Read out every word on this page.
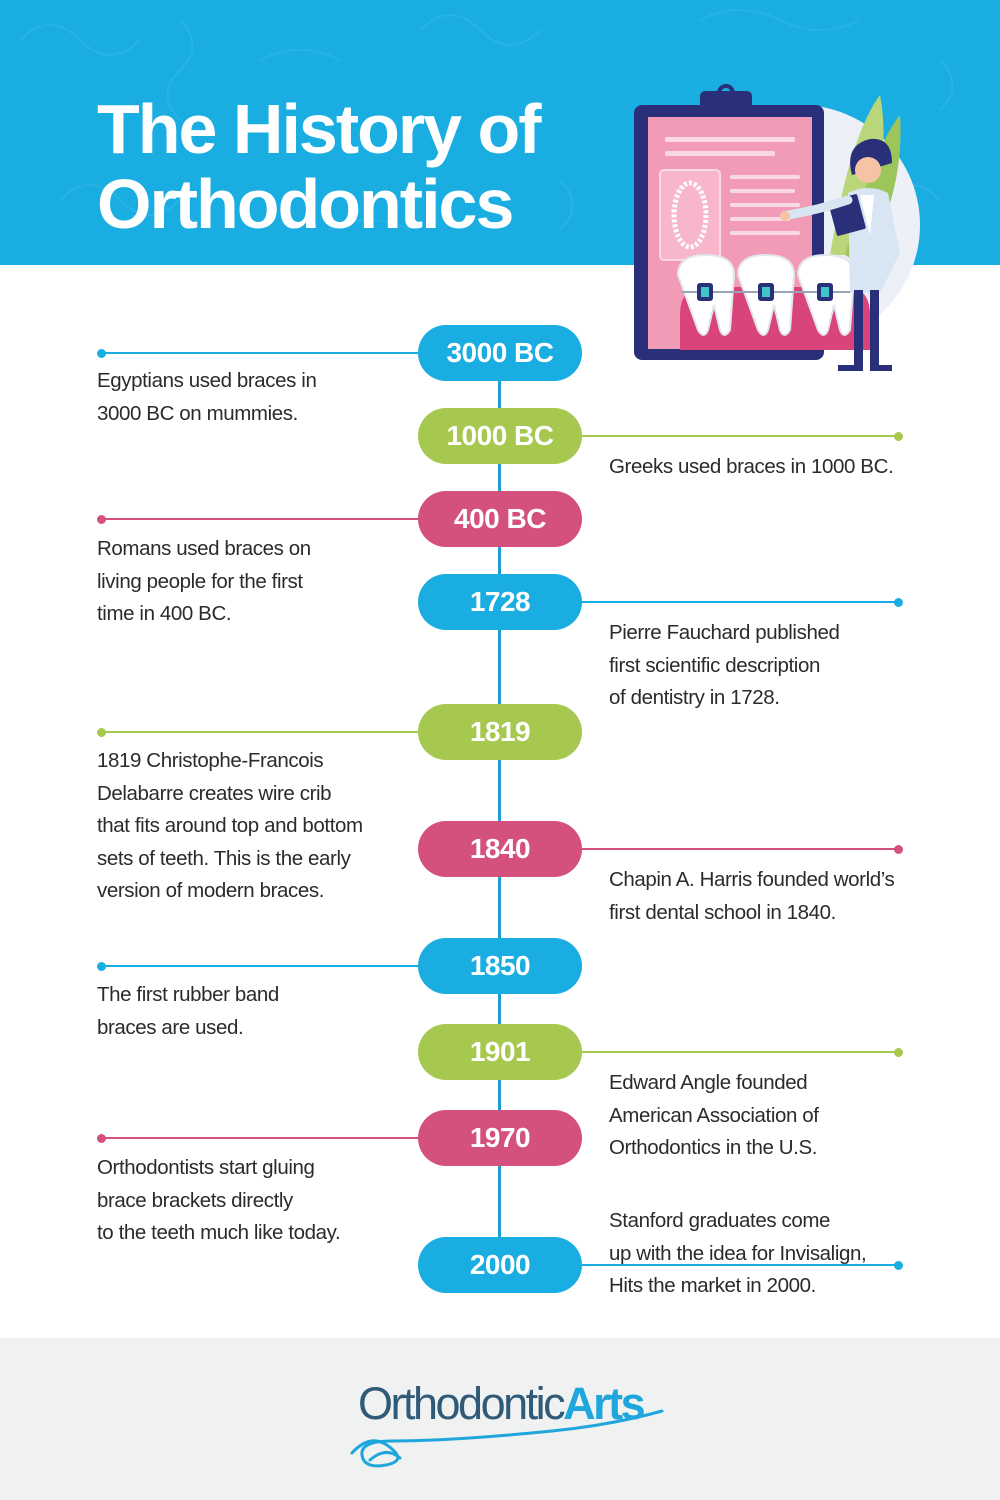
The History of
Orthodontics

Egyptians used braces in
3000 BC on mummies.

3000 BC

Greeks used braces in 1000 BC.

1000 BC

Romans used braces on
living people for the first
time in 400 BC.

400 BC

Pierre Fauchard published
first scientific description
of dentistry in 1728.

1728

1819 Christophe-Francois
Delabarre creates wire crib
that fits around top and bottom
sets of teeth. This is the early
version of modern braces.

1819

Chapin A. Harris founded world’s
first dental school in 1840.

1840

The first rubber band
braces are used.

1850

Edward Angle founded
American Association of
Orthodontics in the U.S.

1901

Orthodontists start gluing
brace brackets directly
to the teeth much like today.

1970

Stanford graduates come
up with the idea for Invisalign,
Hits the market in 2000.

2000
OrthodonticArts
